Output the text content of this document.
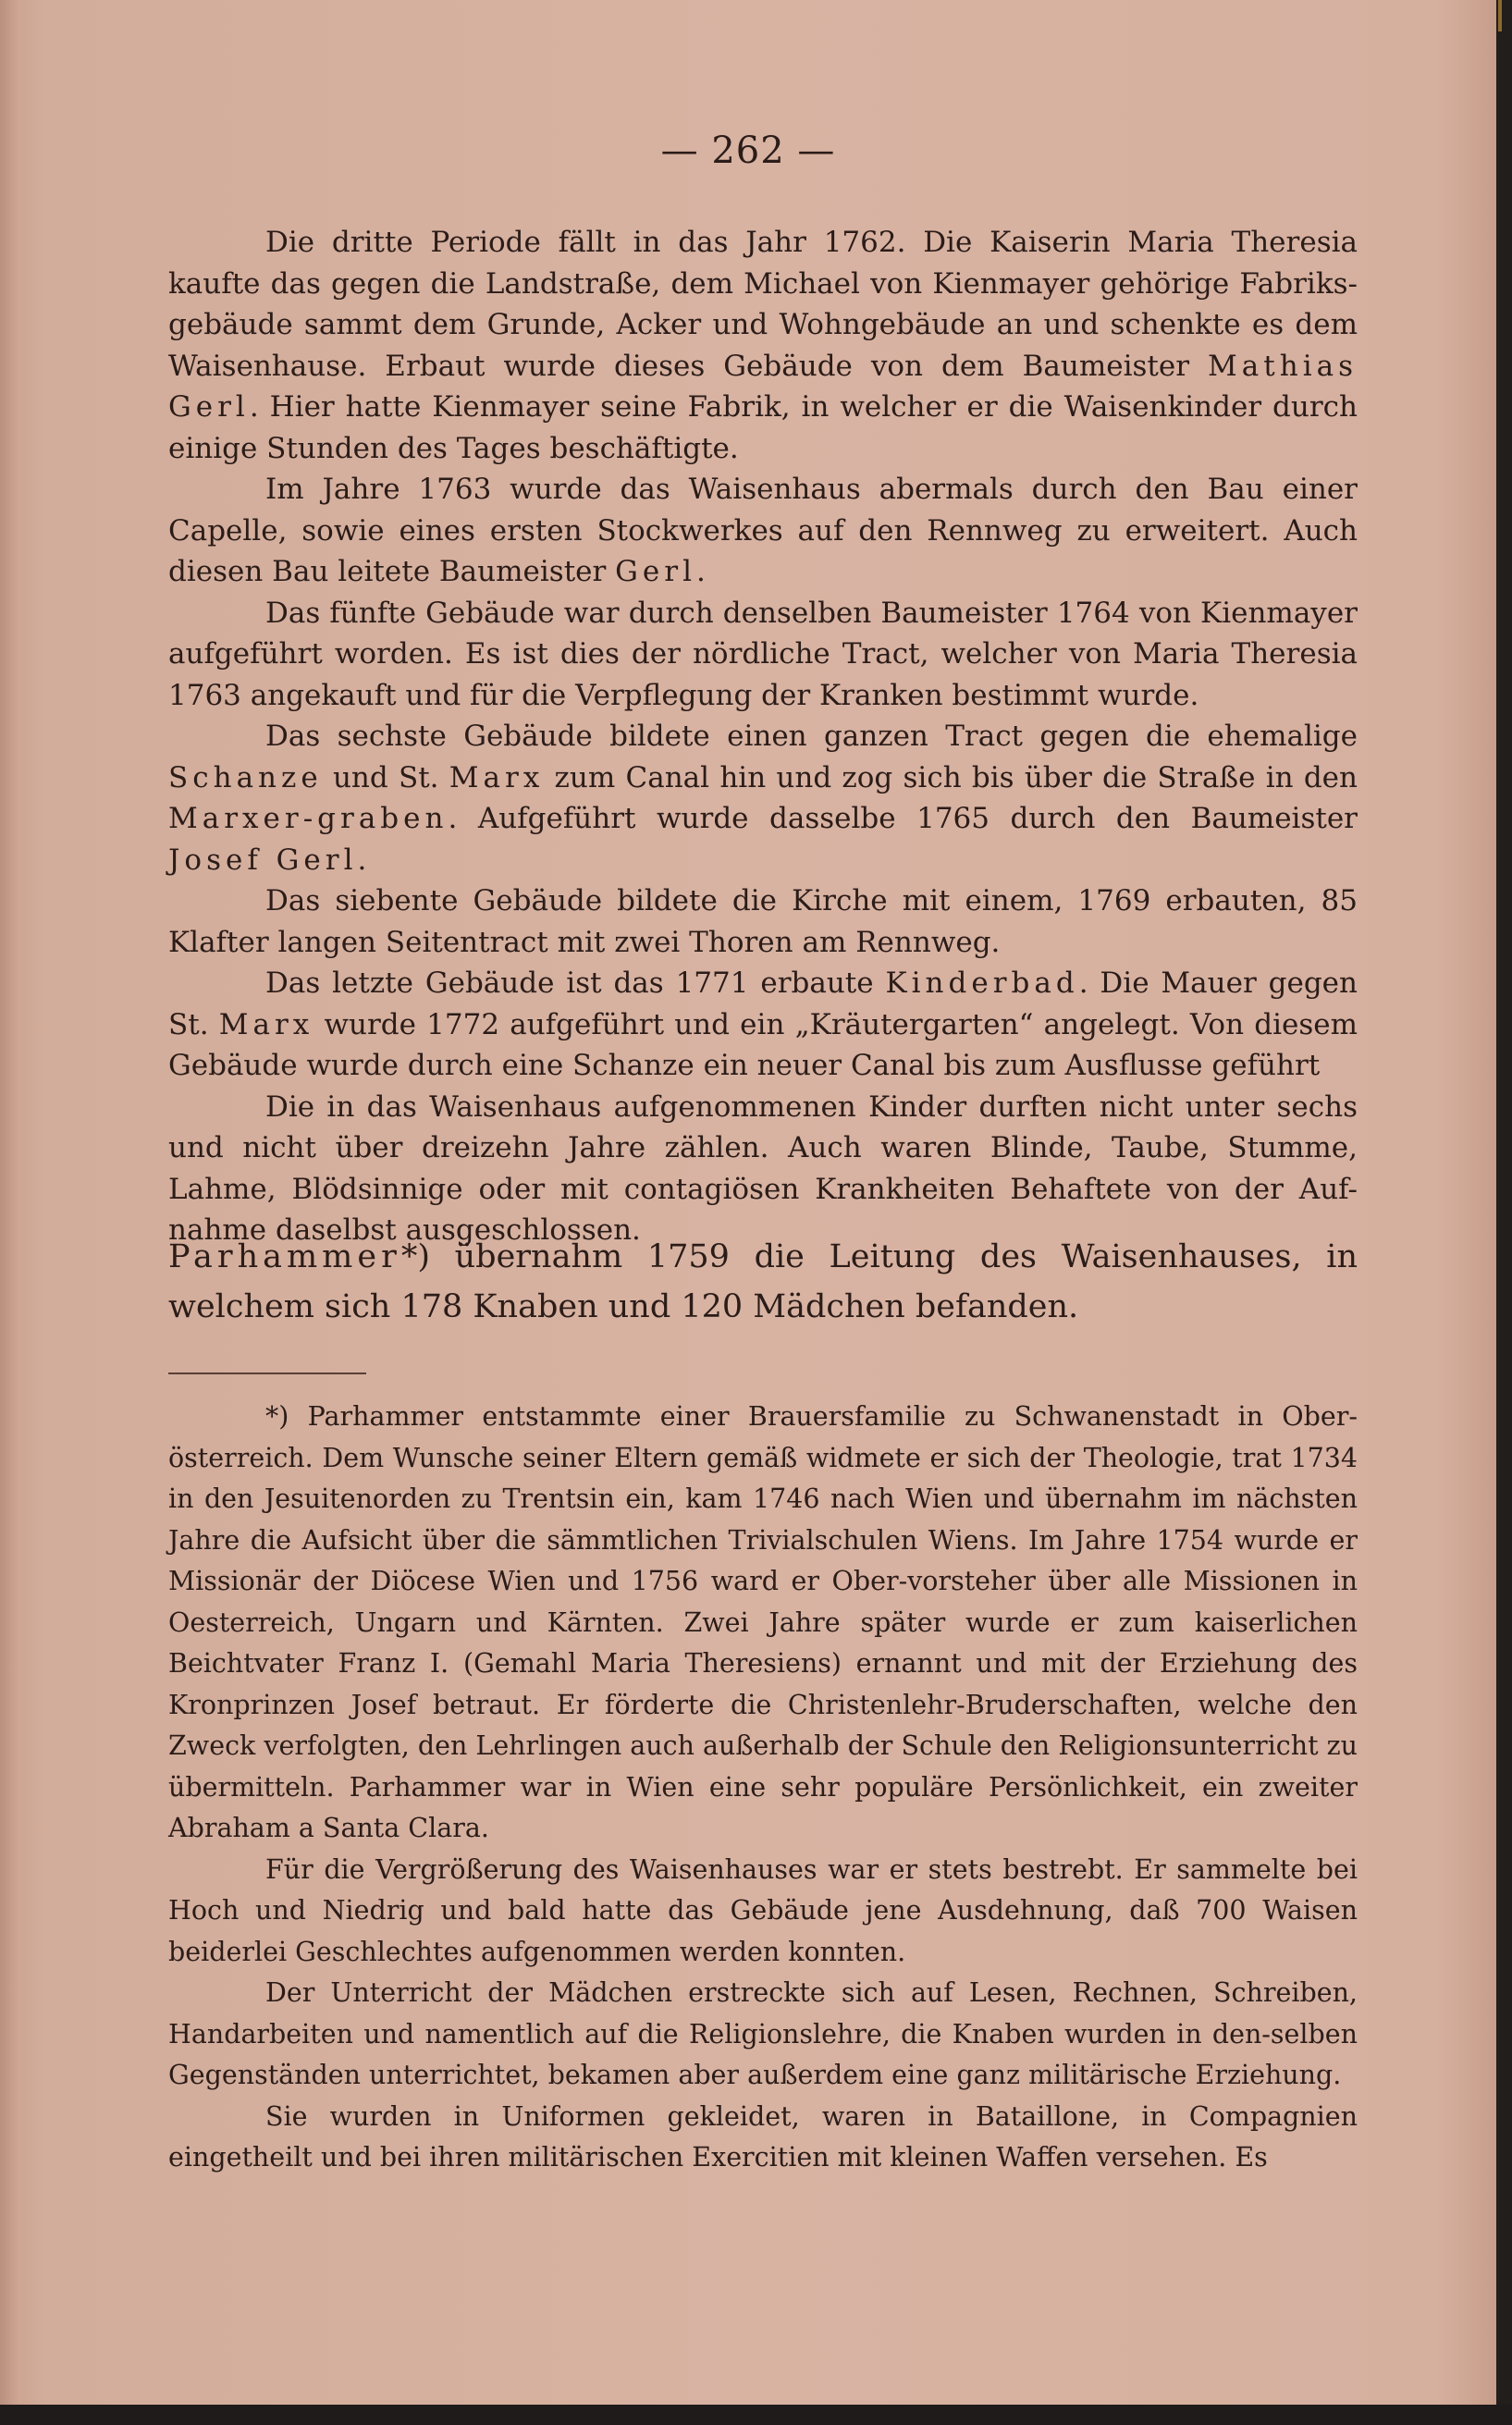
— 262 —

Die dritte Periode fällt in das Jahr 1762. Die Kaiserin Maria Theresia kaufte das gegen die Landstraße, dem Michael von Kienmayer gehörige Fabriks-gebäude sammt dem Grunde, Acker und Wohngebäude an und schenkte es dem Waisenhause. Erbaut wurde dieses Gebäude von dem Baumeister Mathias Gerl. Hier hatte Kienmayer seine Fabrik, in welcher er die Waisenkinder durch einige Stunden des Tages beschäftigte.

Im Jahre 1763 wurde das Waisenhaus abermals durch den Bau einer Capelle, sowie eines ersten Stockwerkes auf den Rennweg zu erweitert. Auch diesen Bau leitete Baumeister Gerl.

Das fünfte Gebäude war durch denselben Baumeister 1764 von Kienmayer aufgeführt worden. Es ist dies der nördliche Tract, welcher von Maria Theresia 1763 angekauft und für die Verpflegung der Kranken bestimmt wurde.

Das sechste Gebäude bildete einen ganzen Tract gegen die ehemalige Schanze und St. Marx zum Canal hin und zog sich bis über die Straße in den Marxer-graben. Aufgeführt wurde dasselbe 1765 durch den Baumeister Josef Gerl.

Das siebente Gebäude bildete die Kirche mit einem, 1769 erbauten, 85 Klafter langen Seitentract mit zwei Thoren am Rennweg.

Das letzte Gebäude ist das 1771 erbaute Kinderbad. Die Mauer gegen St. Marx wurde 1772 aufgeführt und ein „Kräutergarten“ angelegt. Von diesem Gebäude wurde durch eine Schanze ein neuer Canal bis zum Ausflusse geführt

Die in das Waisenhaus aufgenommenen Kinder durften nicht unter sechs und nicht über dreizehn Jahre zählen. Auch waren Blinde, Taube, Stumme, Lahme, Blödsinnige oder mit contagiösen Krankheiten Behaftete von der Auf-nahme daselbst ausgeschlossen.

Parhammer*) übernahm 1759 die Leitung des Waisenhauses, in welchem sich 178 Knaben und 120 Mädchen befanden.

*) Parhammer entstammte einer Brauersfamilie zu Schwanenstadt in Ober-österreich. Dem Wunsche seiner Eltern gemäß widmete er sich der Theologie, trat 1734 in den Jesuitenorden zu Trentsin ein, kam 1746 nach Wien und übernahm im nächsten Jahre die Aufsicht über die sämmtlichen Trivialschulen Wiens. Im Jahre 1754 wurde er Missionär der Diöcese Wien und 1756 ward er Ober-vorsteher über alle Missionen in Oesterreich, Ungarn und Kärnten. Zwei Jahre später wurde er zum kaiserlichen Beichtvater Franz I. (Gemahl Maria Theresiens) ernannt und mit der Erziehung des Kronprinzen Josef betraut. Er förderte die Christenlehr-Bruderschaften, welche den Zweck verfolgten, den Lehrlingen auch außerhalb der Schule den Religionsunterricht zu übermitteln. Parhammer war in Wien eine sehr populäre Persönlichkeit, ein zweiter Abraham a Santa Clara.

Für die Vergrößerung des Waisenhauses war er stets bestrebt. Er sammelte bei Hoch und Niedrig und bald hatte das Gebäude jene Ausdehnung, daß 700 Waisen beiderlei Geschlechtes aufgenommen werden konnten.

Der Unterricht der Mädchen erstreckte sich auf Lesen, Rechnen, Schreiben, Handarbeiten und namentlich auf die Religionslehre, die Knaben wurden in den-selben Gegenständen unterrichtet, bekamen aber außerdem eine ganz militärische Erziehung.

Sie wurden in Uniformen gekleidet, waren in Bataillone, in Compagnien eingetheilt und bei ihren militärischen Exercitien mit kleinen Waffen versehen. Es
